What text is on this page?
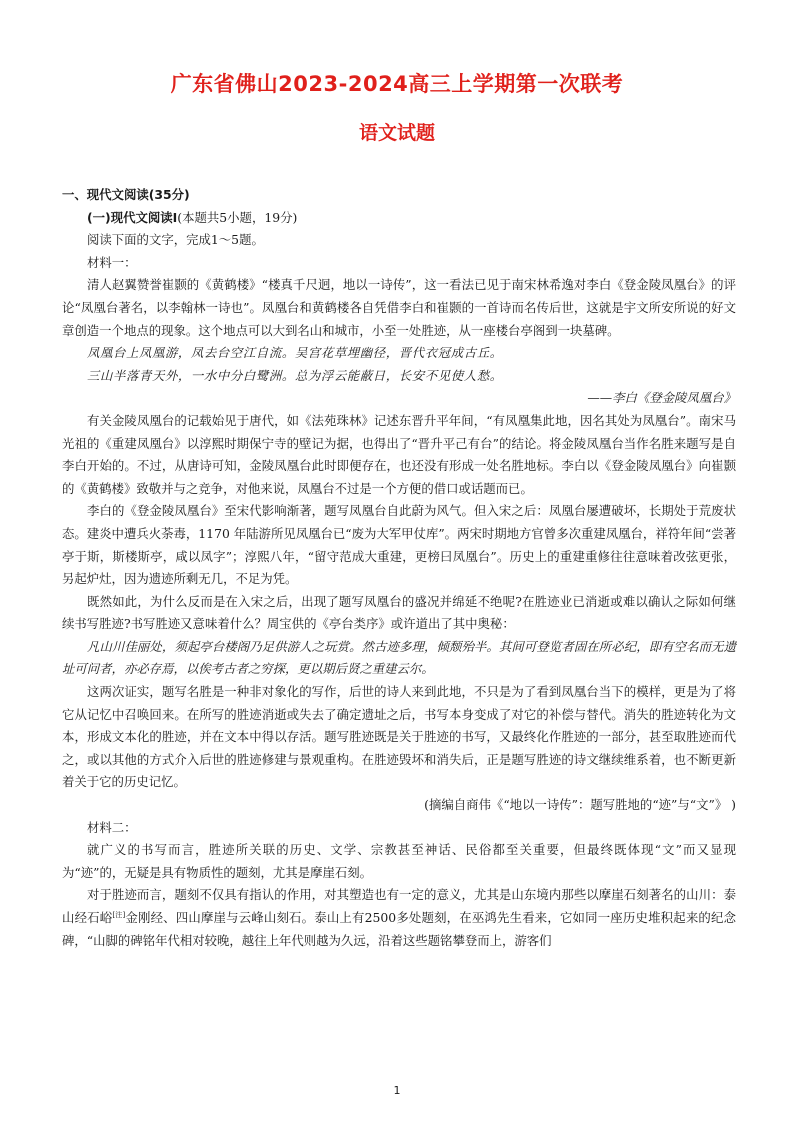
广东省佛山2023-2024高三上学期第一次联考
语文试题

一、现代文阅读(35分)

(一)现代文阅读Ⅰ(本题共5小题，19分)

阅读下面的文字，完成1～5题。

材料一：

清人赵翼赞誉崔颢的《黄鹤楼》“楼真千尺迥，地以一诗传”，这一看法已见于南宋林希逸对李白《登金陵凤凰台》的评论“凤凰台著名，以李翰林一诗也”。凤凰台和黄鹤楼各自凭借李白和崔颢的一首诗而名传后世，这就是宇文所安所说的好文章创造一个地点的现象。这个地点可以大到名山和城市，小至一处胜迹，从一座楼台亭阁到一块墓碑。

凤凰台上凤凰游，凤去台空江自流。吴宫花草埋幽径，晋代衣冠成古丘。

三山半落青天外，一水中分白鹭洲。总为浮云能蔽日，长安不见使人愁。

——李白《登金陵凤凰台》

有关金陵凤凰台的记载始见于唐代，如《法苑珠林》记述东晋升平年间，“有凤凰集此地，因名其处为凤凰台”。南宋马光祖的《重建凤凰台》以淳熙时期保宁寺的壁记为据，也得出了“晋升平己有台”的结论。将金陵凤凰台当作名胜来题写是自李白开始的。不过，从唐诗可知，金陵凤凰台此时即便存在，也还没有形成一处名胜地标。李白以《登金陵凤凰台》向崔颢的《黄鹤楼》致敬并与之竞争，对他来说，凤凰台不过是一个方便的借口或话题而已。

李白的《登金陵凤凰台》至宋代影响渐著，题写凤凰台自此蔚为风气。但入宋之后：凤凰台屡遭破坏，长期处于荒废状态。建炎中遭兵火荼毒，1170 年陆游所见凤凰台已“废为大军甲仗库”。两宋时期地方官曾多次重建凤凰台，祥符年间“尝著亭于斯，斯楼斯亭，咸以凤字”；淳熙八年，“留守范成大重建，更榜曰凤凰台”。历史上的重建重修往往意味着改弦更张，另起炉灶，因为遗迹所剩无几，不足为凭。

既然如此，为什么反而是在入宋之后，出现了题写凤凰台的盛况并绵延不绝呢?在胜迹业已消逝或难以确认之际如何继续书写胜迹?书写胜迹又意味着什么？周宝供的《亭台类序》或许道出了其中奥秘：

凡山川佳丽处，须起亭台楼阁乃足供游人之玩赏。然古迹多理，倾颓殆半。其间可登览者固在所必纪，即有空名而无遗址可问者，亦必存焉，以俟考古者之穷探，更以期后贤之重建云尔。

这两次证实，题写名胜是一种非对象化的写作，后世的诗人来到此地，不只是为了看到凤凰台当下的模样，更是为了将它从记忆中召唤回来。在所写的胜迹消逝或失去了确定遗址之后，书写本身变成了对它的补偿与替代。消失的胜迹转化为文本，形成文本化的胜迹，并在文本中得以存活。题写胜迹既是关于胜迹的书写，又最终化作胜迹的一部分，甚至取胜迹而代之，或以其他的方式介入后世的胜迹修建与景观重构。在胜迹毁坏和消失后，正是题写胜迹的诗文继续维系着，也不断更新着关于它的历史记忆。

(摘编自商伟《“地以一诗传”：题写胜地的“迹”与“文”》 )

材料二：

就广义的书写而言，胜迹所关联的历史、文学、宗教甚至神话、民俗都至关重要，但最终既体现“文”而又显现为“迹”的，无疑是具有物质性的题刻，尤其是摩崖石刻。

对于胜迹而言，题刻不仅具有指认的作用，对其塑造也有一定的意义，尤其是山东境内那些以摩崖石刻著名的山川：泰山经石峪[注]金刚经、四山摩崖与云峰山刻石。泰山上有2500多处题刻，在巫鸿先生看来，它如同一座历史堆积起来的纪念碑，“山脚的碑铭年代相对较晚，越往上年代则越为久远，沿着这些题铭攀登而上，游客们

1
